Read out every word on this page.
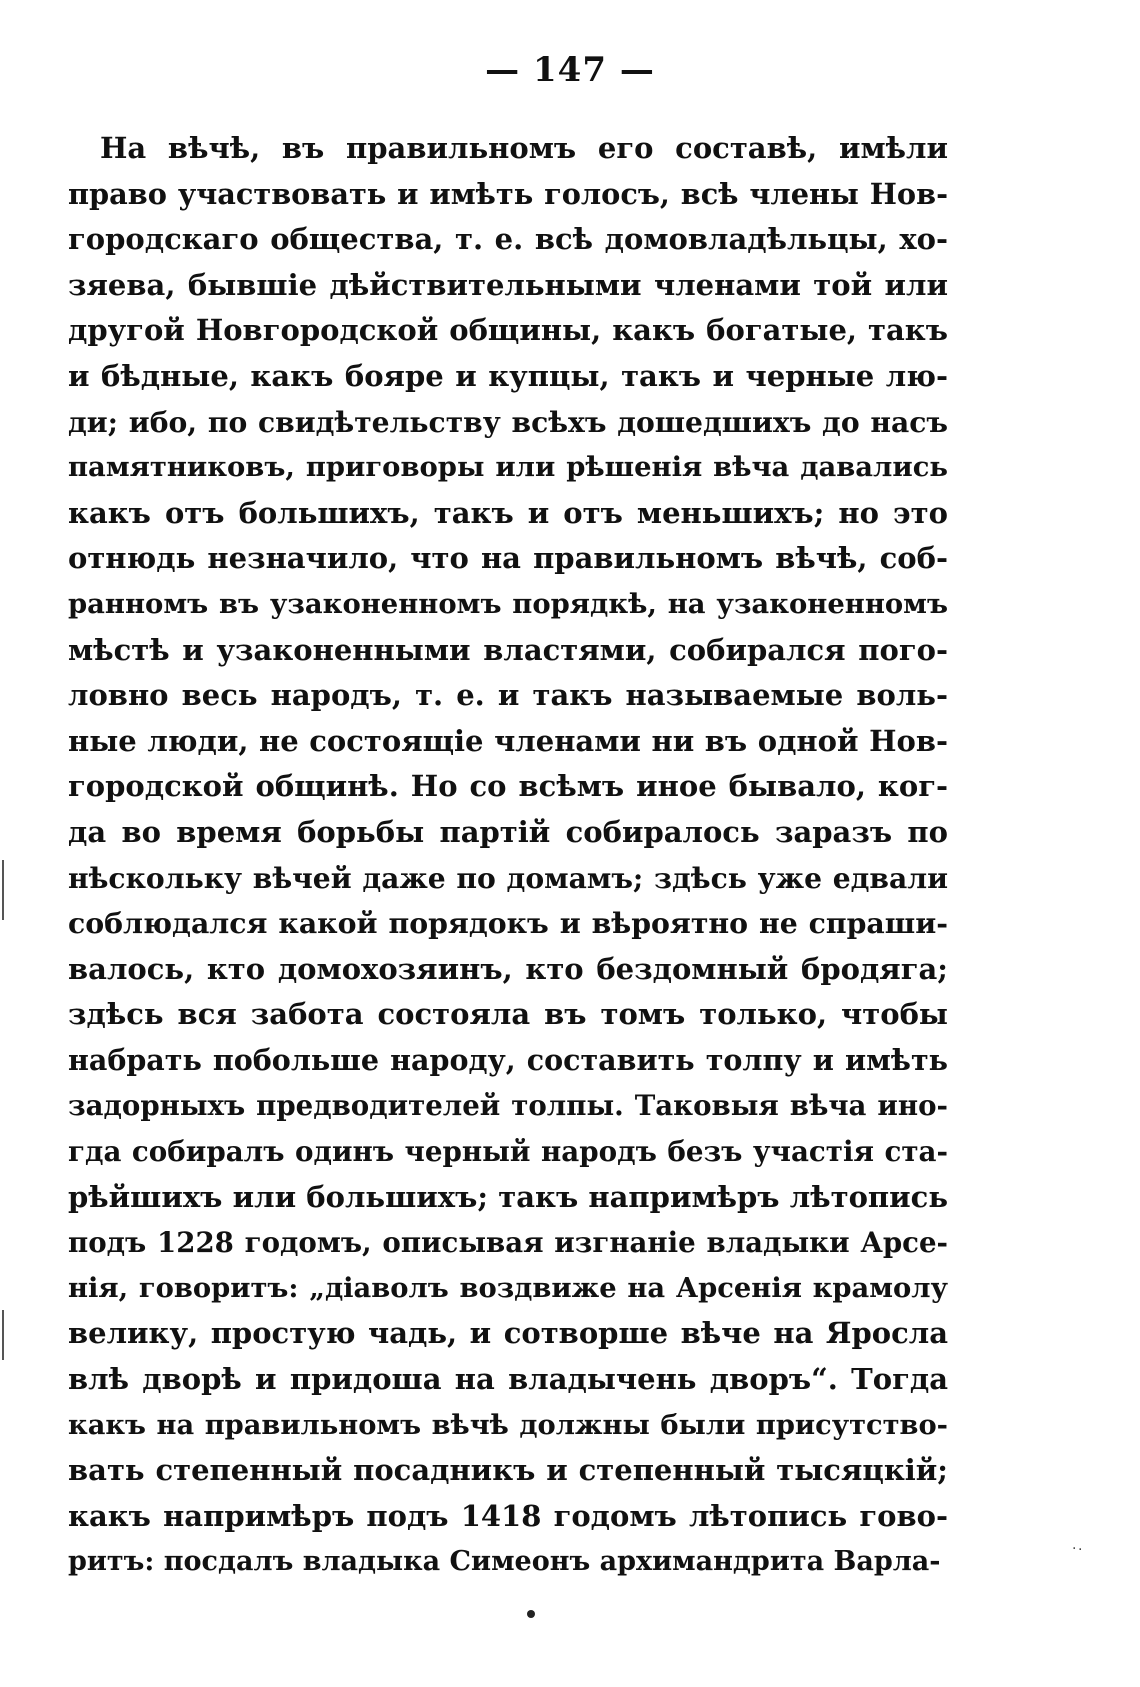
— 147 —
На вѣчѣ, въ правильномъ его составѣ, имѣли
право участвовать и имѣть голосъ, всѣ члены Нов-
городскаго общества, т. е. всѣ домовладѣльцы, хо-
зяева, бывшіе дѣйствительными членами той или
другой Новгородской общины, какъ богатые, такъ
и бѣдные, какъ бояре и купцы, такъ и черные лю-
ди; ибо, по свидѣтельству всѣхъ дошедшихъ до насъ
памятниковъ, приговоры или рѣшенія вѣча давались
какъ отъ большихъ, такъ и отъ меньшихъ; но это
отнюдь незначило, что на правильномъ вѣчѣ, соб-
ранномъ въ узаконенномъ порядкѣ, на узаконенномъ
мѣстѣ и узаконенными властями, собирался пого-
ловно весь народъ, т. е. и такъ называемые воль-
ные люди, не состоящіе членами ни въ одной Нов-
городской общинѣ. Но со всѣмъ иное бывало, ког-
да во время борьбы партій собиралось заразъ по
нѣскольку вѣчей даже по домамъ; здѣсь уже едвали
соблюдался какой порядокъ и вѣроятно не спраши-
валось, кто домохозяинъ, кто бездомный бродяга;
здѣсь вся забота состояла въ томъ только, чтобы
набрать побольше народу, составить толпу и имѣть
задорныхъ предводителей толпы. Таковыя вѣча ино-
гда собиралъ одинъ черный народъ безъ участія ста-
рѣйшихъ или большихъ; такъ напримѣръ лѣтопись
подъ 1228 годомъ, описывая изгнаніе владыки Арсе-
нія, говоритъ: „діаволъ воздвиже на Арсенія крамолу
велику, простую чадь, и сотворше вѣче на Яросла
влѣ дворѣ и придоша на владычень дворъ“. Тогда
какъ на правильномъ вѣчѣ должны были присутство-
вать степенный посадникъ и степенный тысяцкій;
какъ напримѣръ подъ 1418 годомъ лѣтопись гово-
ритъ: посдалъ владыка Симеонъ архимандрита Варла-	·٠
